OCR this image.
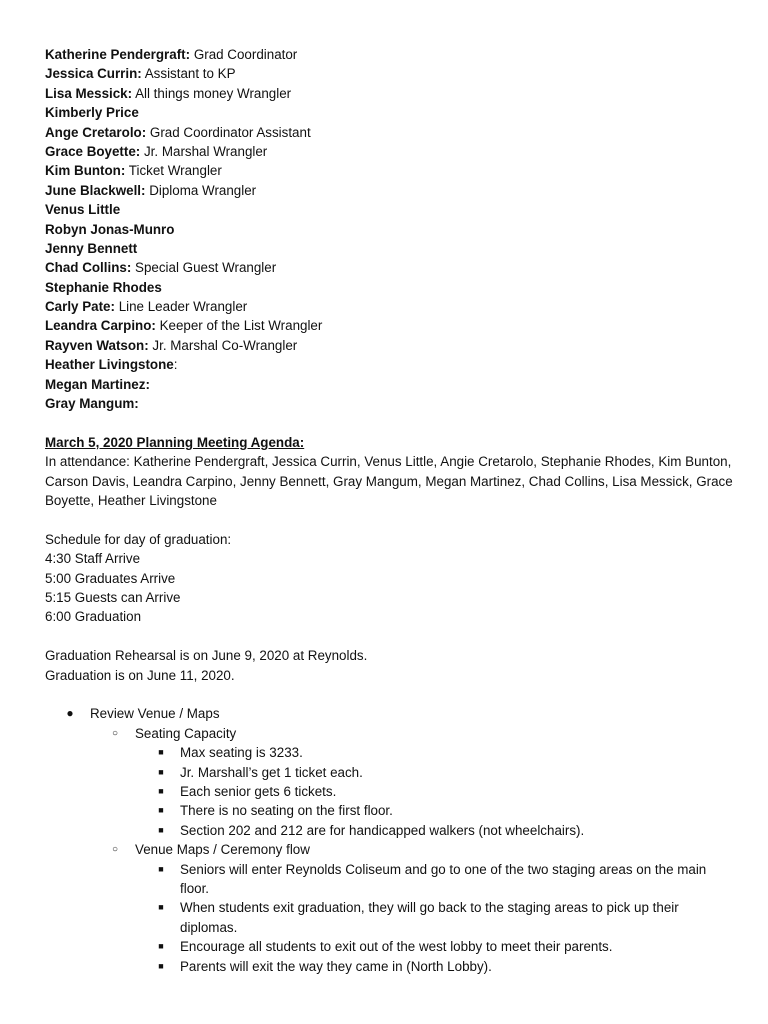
Katherine Pendergraft: Grad Coordinator
Jessica Currin: Assistant to KP
Lisa Messick: All things money Wrangler
Kimberly Price
Ange Cretarolo: Grad Coordinator Assistant
Grace Boyette: Jr. Marshal Wrangler
Kim Bunton: Ticket Wrangler
June Blackwell: Diploma Wrangler
Venus Little
Robyn Jonas-Munro
Jenny Bennett
Chad Collins: Special Guest Wrangler
Stephanie Rhodes
Carly Pate: Line Leader Wrangler
Leandra Carpino: Keeper of the List Wrangler
Rayven Watson: Jr. Marshal Co-Wrangler
Heather Livingstone:
Megan Martinez:
Gray Mangum:
March 5, 2020 Planning Meeting Agenda:
In attendance: Katherine Pendergraft, Jessica Currin, Venus Little, Angie Cretarolo, Stephanie Rhodes, Kim Bunton, Carson Davis, Leandra Carpino, Jenny Bennett, Gray Mangum, Megan Martinez, Chad Collins, Lisa Messick, Grace Boyette, Heather Livingstone
Schedule for day of graduation:
4:30 Staff Arrive
5:00 Graduates Arrive
5:15 Guests can Arrive
6:00 Graduation
Graduation Rehearsal is on June 9, 2020 at Reynolds.
Graduation is on June 11, 2020.
● Review Venue / Maps
○ Seating Capacity
■	Max seating is 3233.
■	Jr. Marshall’s get 1 ticket each.
■	Each senior gets 6 tickets.
■	There is no seating on the first floor.
■	Section 202 and 212 are for handicapped walkers (not wheelchairs).
○ Venue Maps / Ceremony flow
■	Seniors will enter Reynolds Coliseum and go to one of the two staging areas on the main floor.
■	When students exit graduation, they will go back to the staging areas to pick up their diplomas.
■	Encourage all students to exit out of the west lobby to meet their parents.
■	Parents will exit the way they came in (North Lobby).
